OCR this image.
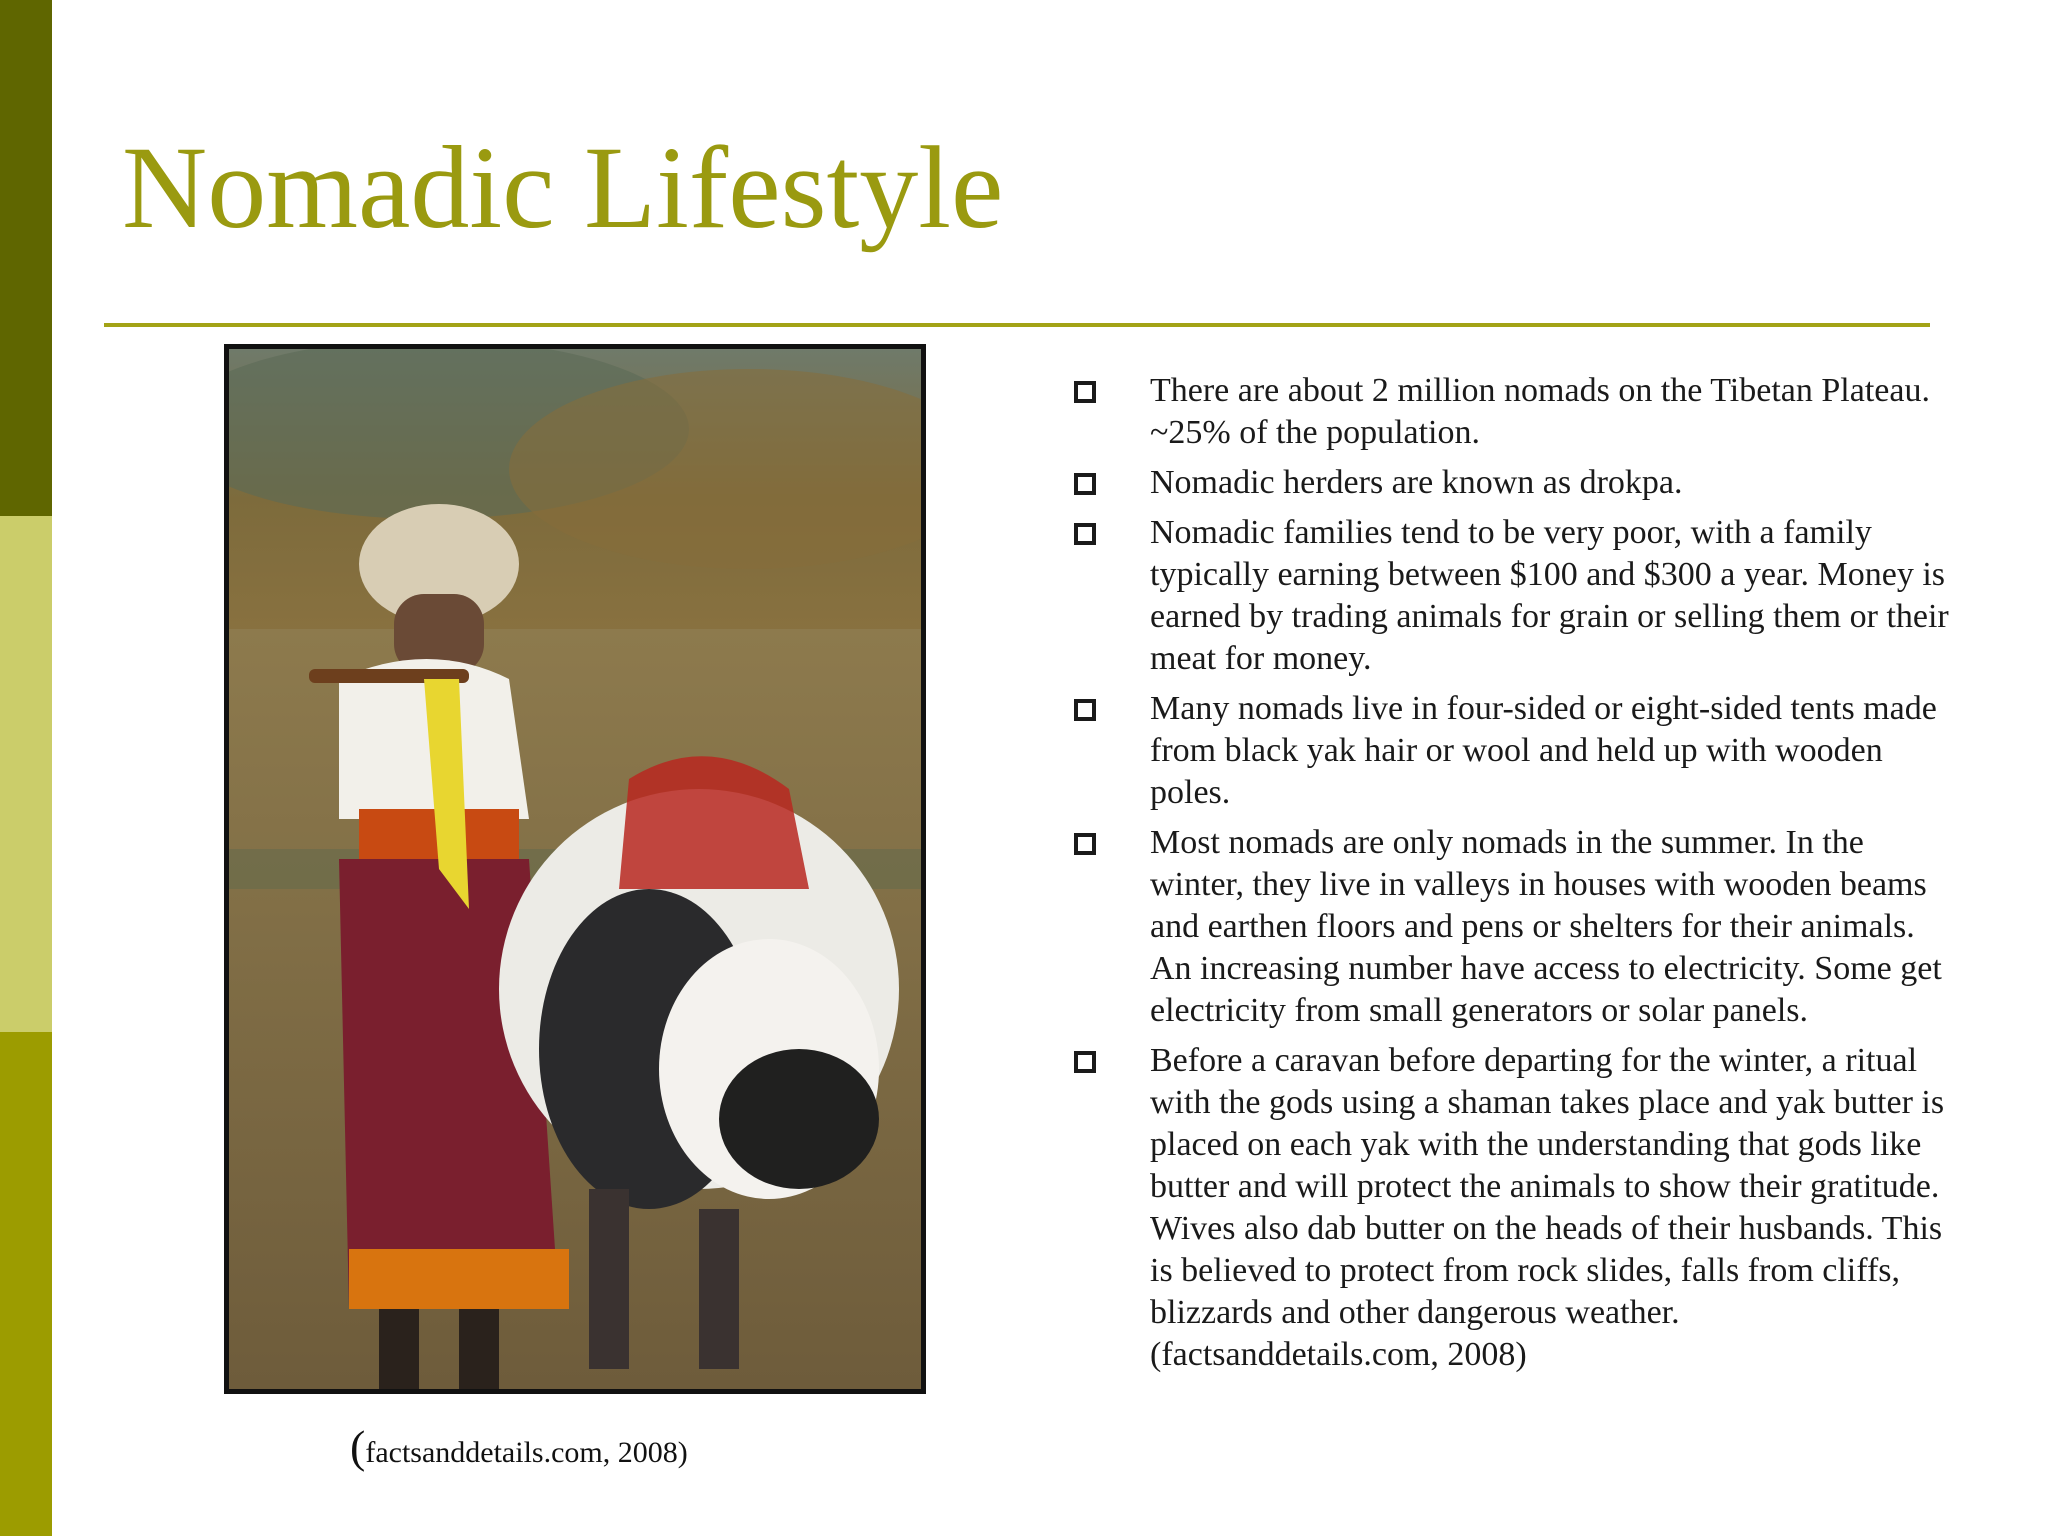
Nomadic Lifestyle
(factsanddetails.com, 2008)
There are about 2 million nomads on the Tibetan Plateau. ~25% of the population.
Nomadic herders are known as drokpa.
Nomadic families tend to be very poor, with a family typically earning between $100 and $300 a year. Money is earned by trading animals for grain or selling them or their meat for money.
Many nomads live in four-sided or eight-sided tents made from black yak hair or wool and held up with wooden poles.
Most nomads are only nomads in the summer. In the winter, they live in valleys in houses with wooden beams and earthen floors and pens or shelters for their animals. An increasing number have access to electricity. Some get electricity from small generators or solar panels.
Before a caravan before departing for the winter, a ritual with the gods using a shaman takes place and yak butter is placed on each yak with the understanding that gods like butter and will protect the animals to show their gratitude. Wives also dab butter on the heads of their husbands. This is believed to protect from rock slides, falls from cliffs, blizzards and other dangerous weather. (factsanddetails.com, 2008)
